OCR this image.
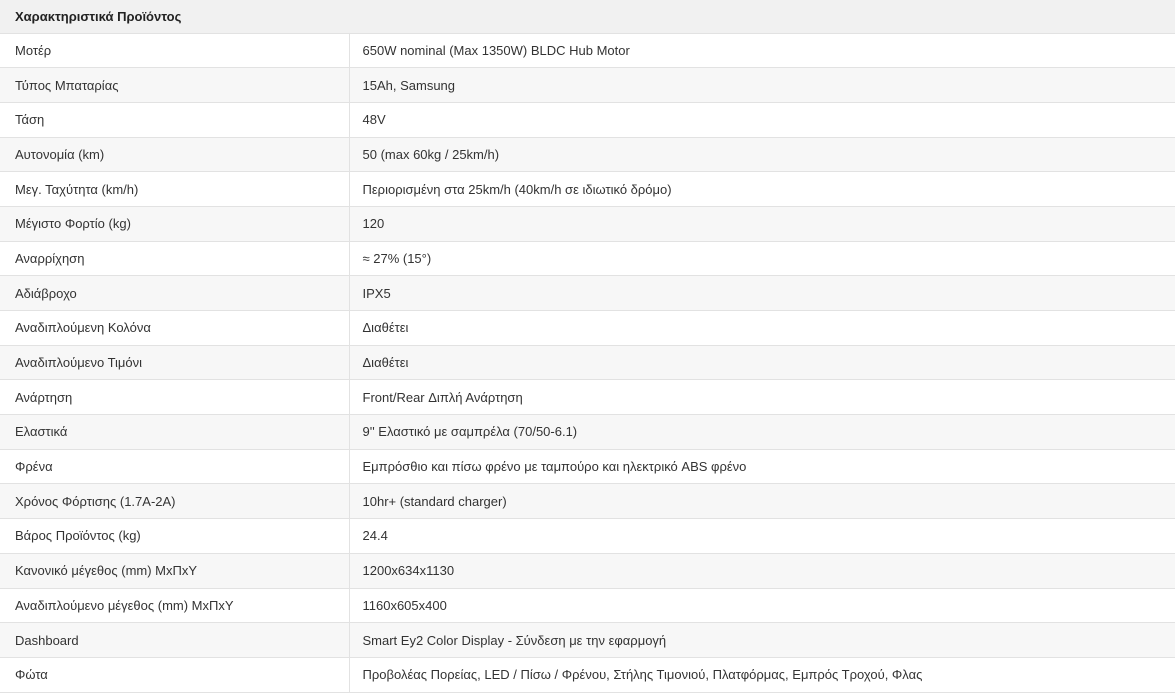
Χαρακτηριστικά Προϊόντος	
Μοτέρ	650W nominal (Max 1350W) BLDC Hub Motor
Τύπος Μπαταρίας	15Ah, Samsung
Τάση	48V
Αυτονομία (km)	50 (max 60kg / 25km/h)
Μεγ. Ταχύτητα (km/h)	Περιορισμένη στα 25km/h (40km/h σε ιδιωτικό δρόμο)
Μέγιστο Φορτίο (kg)	120
Αναρρίχηση	≈ 27% (15°)
Αδιάβροχο	IPX5
Αναδιπλούμενη Κολόνα	Διαθέτει
Αναδιπλούμενο Τιμόνι	Διαθέτει
Ανάρτηση	Front/Rear Διπλή Ανάρτηση
Ελαστικά	9'' Ελαστικό με σαμπρέλα (70/50-6.1)
Φρένα	Εμπρόσθιο και πίσω φρένο με ταμπούρο και ηλεκτρικό ABS φρένο
Χρόνος Φόρτισης (1.7A-2A)	10hr+ (standard charger)
Βάρος Προϊόντος (kg)	24.4
Κανονικό μέγεθος (mm) ΜxΠxΥ	1200x634x1130
Αναδιπλούμενο μέγεθος (mm) ΜxΠxΥ	1160x605x400
Dashboard	Smart Ey2 Color Display - Σύνδεση με την εφαρμογή
Φώτα	Προβολέας Πορείας, LED / Πίσω / Φρένου, Στήλης Τιμονιού, Πλατφόρμας, Εμπρός Τροχού, Φλας
